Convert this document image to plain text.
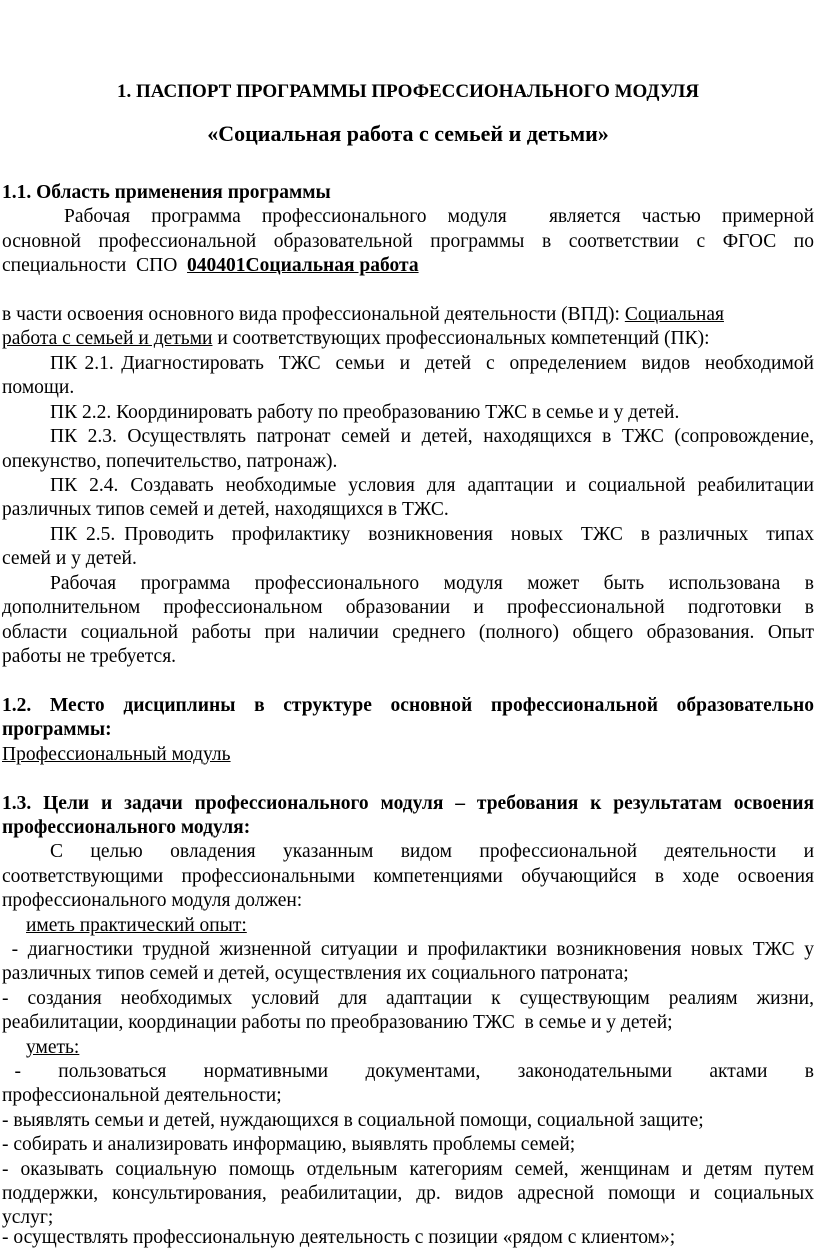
1. ПАСПОРТ ПРОГРАММЫ ПРОФЕССИОНАЛЬНОГО МОДУЛЯ
«Социальная работа с семьей и детьми»
1.1. Область применения программы
Рабочая  программа  профессионального  модуля    является  частью  примерной
основной профессиональной образовательной программы в соответствии с ФГОС по
специальности  СПО  040401Социальная работа
в части освоения основного вида профессиональной деятельности (ВПД): Социальная
работа с семьей и детьми и соответствующих профессиональных компетенций (ПК):
ПК 2.1. Диагностировать  ТЖС  семьи  и  детей  с  определением  видов  необходимой
помощи.
ПК 2.2. Координировать работу по преобразованию ТЖС в семье и у детей.
ПК 2.3. Осуществлять патронат семей и детей, находящихся в ТЖС (сопровождение,
опекунство, попечительство, патронаж).
ПК 2.4. Создавать необходимые условия для адаптации и социальной реабилитации
различных типов семей и детей, находящихся в ТЖС.
ПК 2.5. Проводить  профилактику  возникновения  новых  ТЖС  в различных  типах
семей и у детей.
Рабочая  программа  профессионального  модуля  может  быть  использована  в
дополнительном  профессиональном  образовании  и  профессиональной  подготовки  в
области социальной работы при наличии среднего (полного) общего образования. Опыт
работы не требуется.
1.2.  Место  дисциплины  в  структуре  основной  профессиональной  образовательно
программы:
Профессиональный модуль
1.3. Цели и задачи профессионального модуля – требования к результатам освоения
профессионального модуля:
С  целью  овладения  указанным  видом  профессиональной  деятельности  и
соответствующими  профессиональными  компетенциями  обучающийся  в  ходе  освоения
профессионального модуля должен:
иметь практический опыт:
- диагностики трудной жизненной ситуации и профилактики возникновения новых ТЖС у
различных типов семей и детей, осуществления их социального патроната;
-  создания  необходимых  условий  для  адаптации  к  существующим  реалиям  жизни,
реабилитации, координации работы по преобразованию ТЖС  в семье и у детей;
уметь:
-   пользоваться   нормативными   документами,   законодательными   актами   в
профессиональной деятельности;
- выявлять семьи и детей, нуждающихся в социальной помощи, социальной защите;
- собирать и анализировать информацию, выявлять проблемы семей;
- оказывать социальную помощь отдельным категориям семей, женщинам и детям путем
поддержки,  консультирования,  реабилитации,  др.  видов  адресной  помощи  и  социальных
услуг;
- осуществлять профессиональную деятельность с позиции «рядом с клиентом»;
